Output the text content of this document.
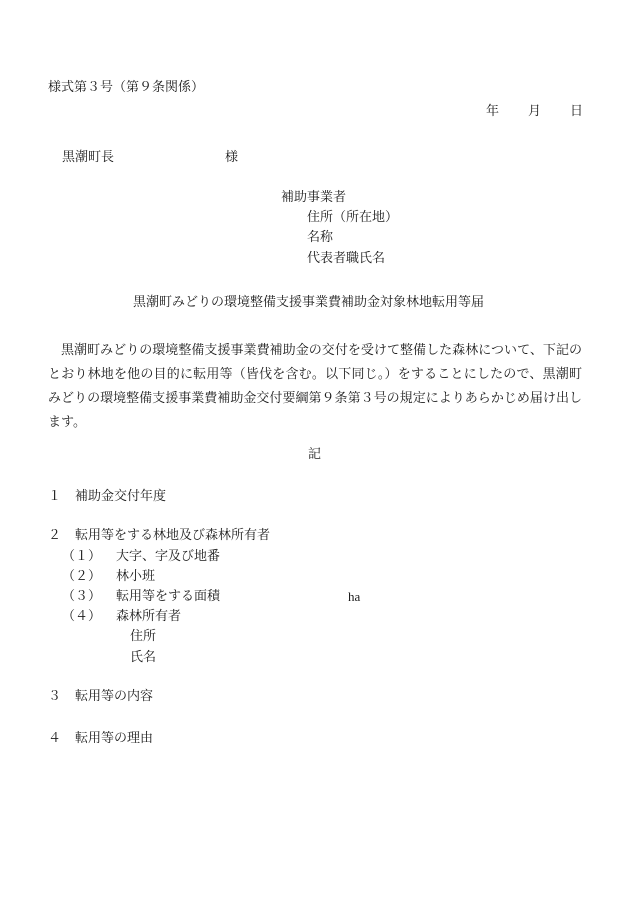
様式第３号（第９条関係）
年 月 日
黒潮町長	様
補助事業者
住所（所在地）
名称
代表者職氏名
黒潮町みどりの環境整備支援事業費補助金対象林地転用等届
黒潮町みどりの環境整備支援事業費補助金の交付を受けて整備した森林について、下記のとおり林地を他の目的に転用等（皆伐を含む。以下同じ。）をすることにしたので、黒潮町みどりの環境整備支援事業費補助金交付要綱第９条第３号の規定によりあらかじめ届け出します。
記
１ 補助金交付年度
２ 転用等をする林地及び森林所有者
（１） 大字、字及び地番
（２） 林小班
（３） 転用等をする面積	ha
（４） 森林所有者
住所
氏名
３ 転用等の内容
４ 転用等の理由
